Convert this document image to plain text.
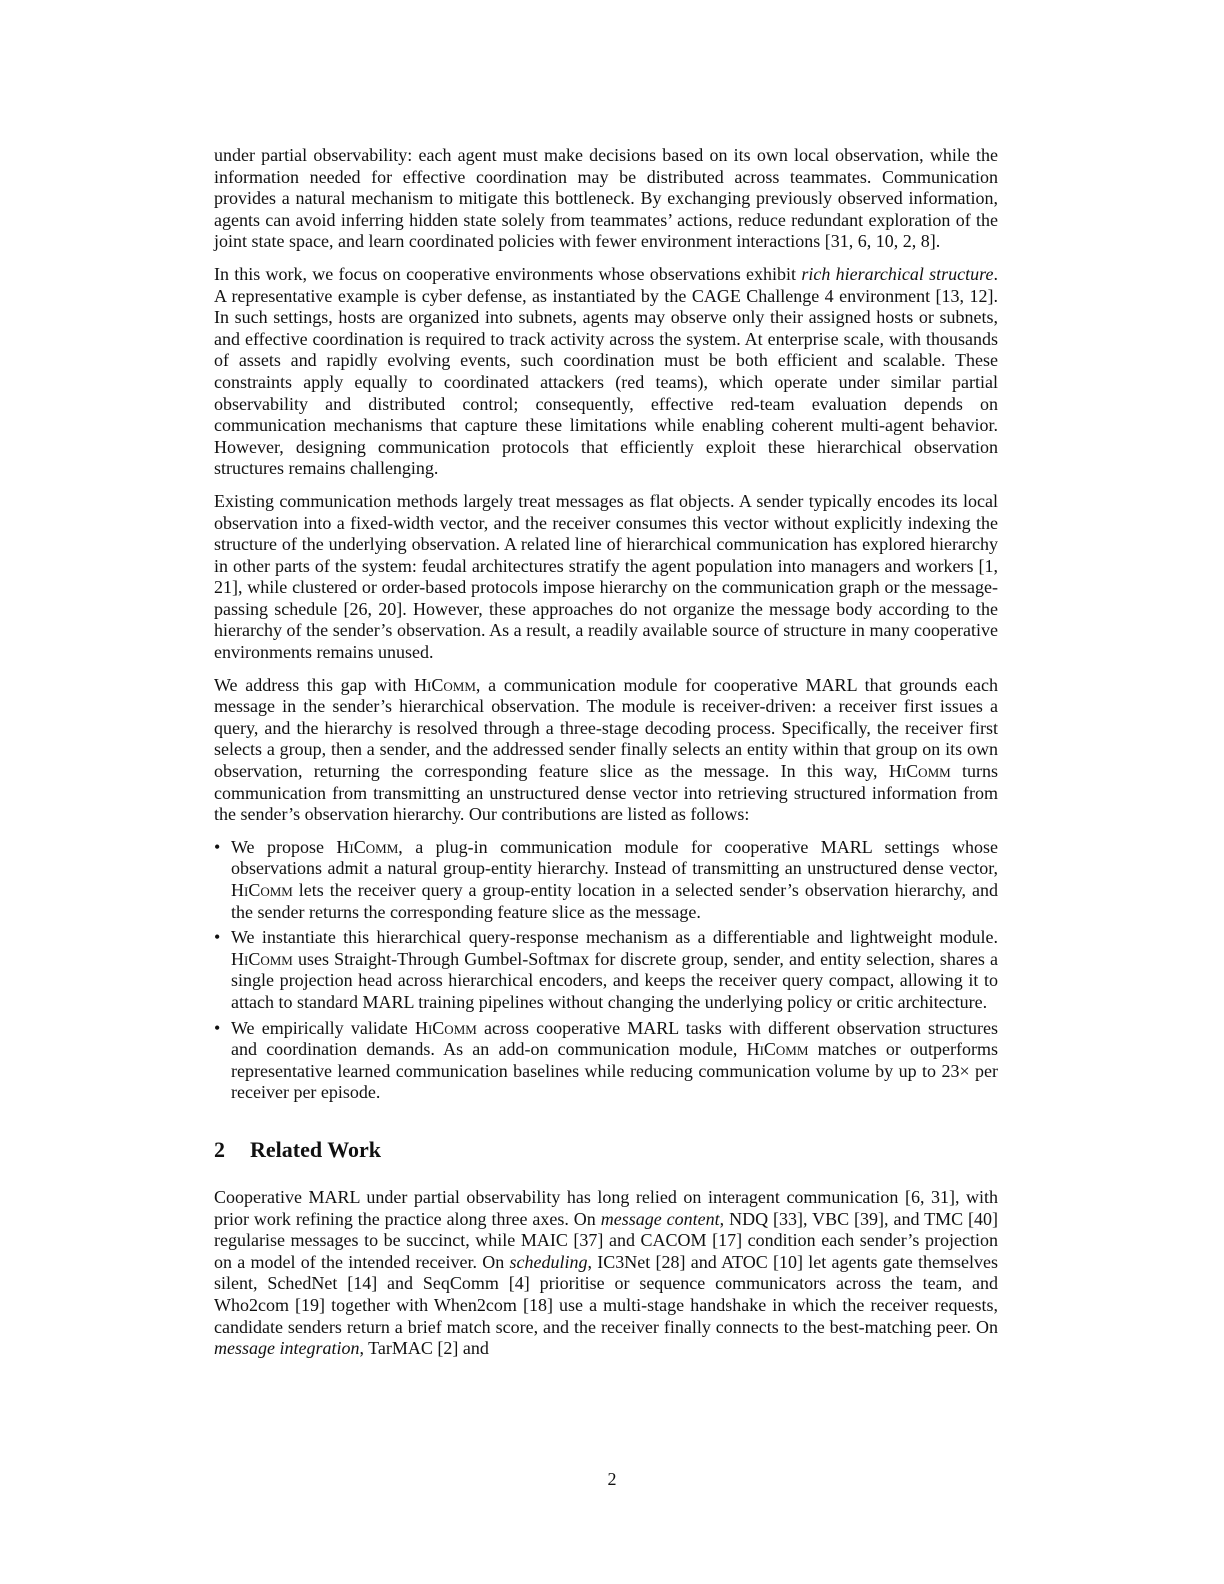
under partial observability: each agent must make decisions based on its own local observation, while the information needed for effective coordination may be distributed across teammates. Communication provides a natural mechanism to mitigate this bottleneck. By exchanging previously observed information, agents can avoid inferring hidden state solely from teammates’ actions, reduce redundant exploration of the joint state space, and learn coordinated policies with fewer environment interactions [31, 6, 10, 2, 8].

In this work, we focus on cooperative environments whose observations exhibit rich hierarchical structure. A representative example is cyber defense, as instantiated by the CAGE Challenge 4 environment [13, 12]. In such settings, hosts are organized into subnets, agents may observe only their assigned hosts or subnets, and effective coordination is required to track activity across the system. At enterprise scale, with thousands of assets and rapidly evolving events, such coordination must be both efficient and scalable. These constraints apply equally to coordinated attackers (red teams), which operate under similar partial observability and distributed control; consequently, effective red-team evaluation depends on communication mechanisms that capture these limitations while enabling coherent multi-agent behavior. However, designing communication protocols that efficiently exploit these hierarchical observation structures remains challenging.

Existing communication methods largely treat messages as flat objects. A sender typically encodes its local observation into a fixed-width vector, and the receiver consumes this vector without explicitly indexing the structure of the underlying observation. A related line of hierarchical communication has explored hierarchy in other parts of the system: feudal architectures stratify the agent population into managers and workers [1, 21], while clustered or order-based protocols impose hierarchy on the communication graph or the message-passing schedule [26, 20]. However, these approaches do not organize the message body according to the hierarchy of the sender’s observation. As a result, a readily available source of structure in many cooperative environments remains unused.

We address this gap with HiComm, a communication module for cooperative MARL that grounds each message in the sender’s hierarchical observation. The module is receiver-driven: a receiver first issues a query, and the hierarchy is resolved through a three-stage decoding process. Specifically, the receiver first selects a group, then a sender, and the addressed sender finally selects an entity within that group on its own observation, returning the corresponding feature slice as the message. In this way, HiComm turns communication from transmitting an unstructured dense vector into retrieving structured information from the sender’s observation hierarchy. Our contributions are listed as follows:

• We propose HiComm, a plug-in communication module for cooperative MARL settings whose observations admit a natural group-entity hierarchy. Instead of transmitting an unstructured dense vector, HiComm lets the receiver query a group-entity location in a selected sender’s observation hierarchy, and the sender returns the corresponding feature slice as the message.
• We instantiate this hierarchical query-response mechanism as a differentiable and lightweight module. HiComm uses Straight-Through Gumbel-Softmax for discrete group, sender, and entity selection, shares a single projection head across hierarchical encoders, and keeps the receiver query compact, allowing it to attach to standard MARL training pipelines without changing the underlying policy or critic architecture.
• We empirically validate HiComm across cooperative MARL tasks with different observation structures and coordination demands. As an add-on communication module, HiComm matches or outperforms representative learned communication baselines while reducing communication volume by up to 23× per receiver per episode.
2 Related Work

Cooperative MARL under partial observability has long relied on interagent communication [6, 31], with prior work refining the practice along three axes. On message content, NDQ [33], VBC [39], and TMC [40] regularise messages to be succinct, while MAIC [37] and CACOM [17] condition each sender’s projection on a model of the intended receiver. On scheduling, IC3Net [28] and ATOC [10] let agents gate themselves silent, SchedNet [14] and SeqComm [4] prioritise or sequence communicators across the team, and Who2com [19] together with When2com [18] use a multi-stage handshake in which the receiver requests, candidate senders return a brief match score, and the receiver finally connects to the best-matching peer. On message integration, TarMAC [2] and

2
